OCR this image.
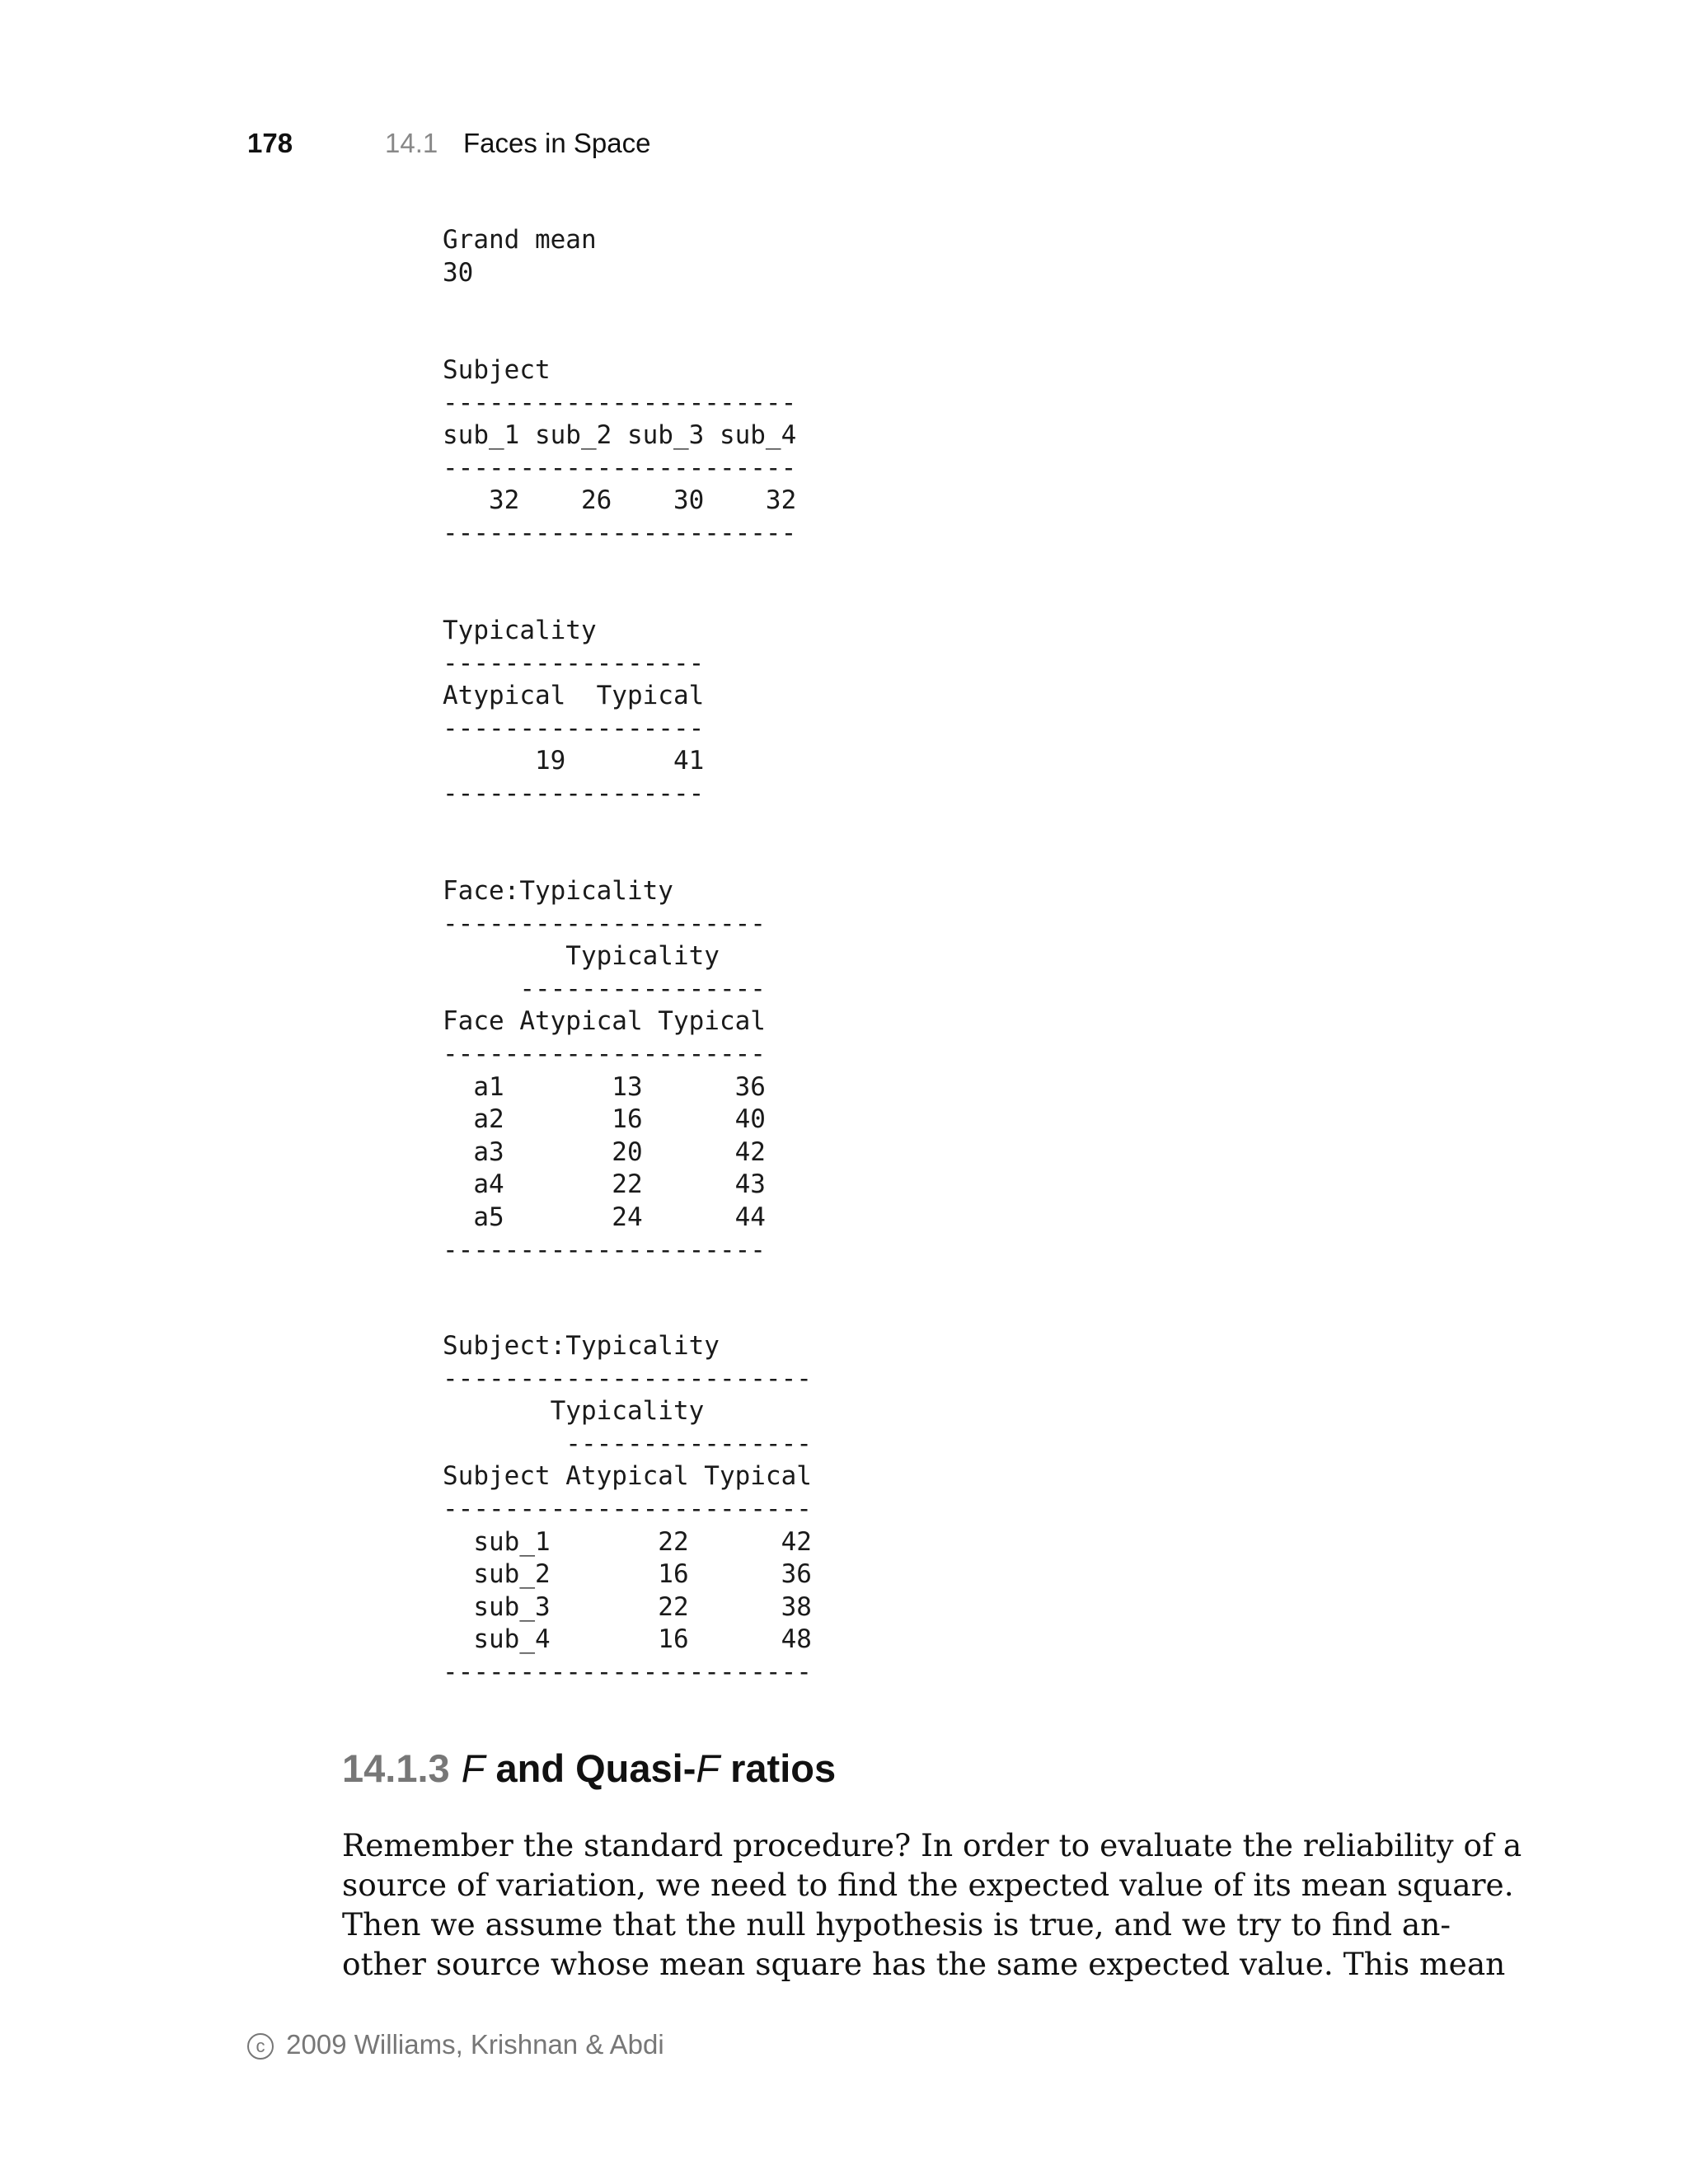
178	14.1 Faces in Space
Grand mean
30
Subject
-----------------------
sub_1 sub_2 sub_3 sub_4
-----------------------
32    26    30    32
-----------------------
Typicality
-----------------
Atypical  Typical
-----------------
19       41
-----------------
Face:Typicality
---------------------
Typicality
----------------
Face Atypical Typical
---------------------
a1       13      36
a2       16      40
a3       20      42
a4       22      43
a5       24      44
---------------------
Subject:Typicality
------------------------
Typicality
----------------
Subject Atypical Typical
------------------------
sub_1       22      42
sub_2       16      36
sub_3       22      38
sub_4       16      48
------------------------
14.1.3 F and Quasi-F ratios
Remember the standard procedure? In order to evaluate the reliability of a
source of variation, we need to find the expected value of its mean square.
Then we assume that the null hypothesis is true, and we try to find an-
other source whose mean square has the same expected value. This mean
c 2009 Williams, Krishnan & Abdi
